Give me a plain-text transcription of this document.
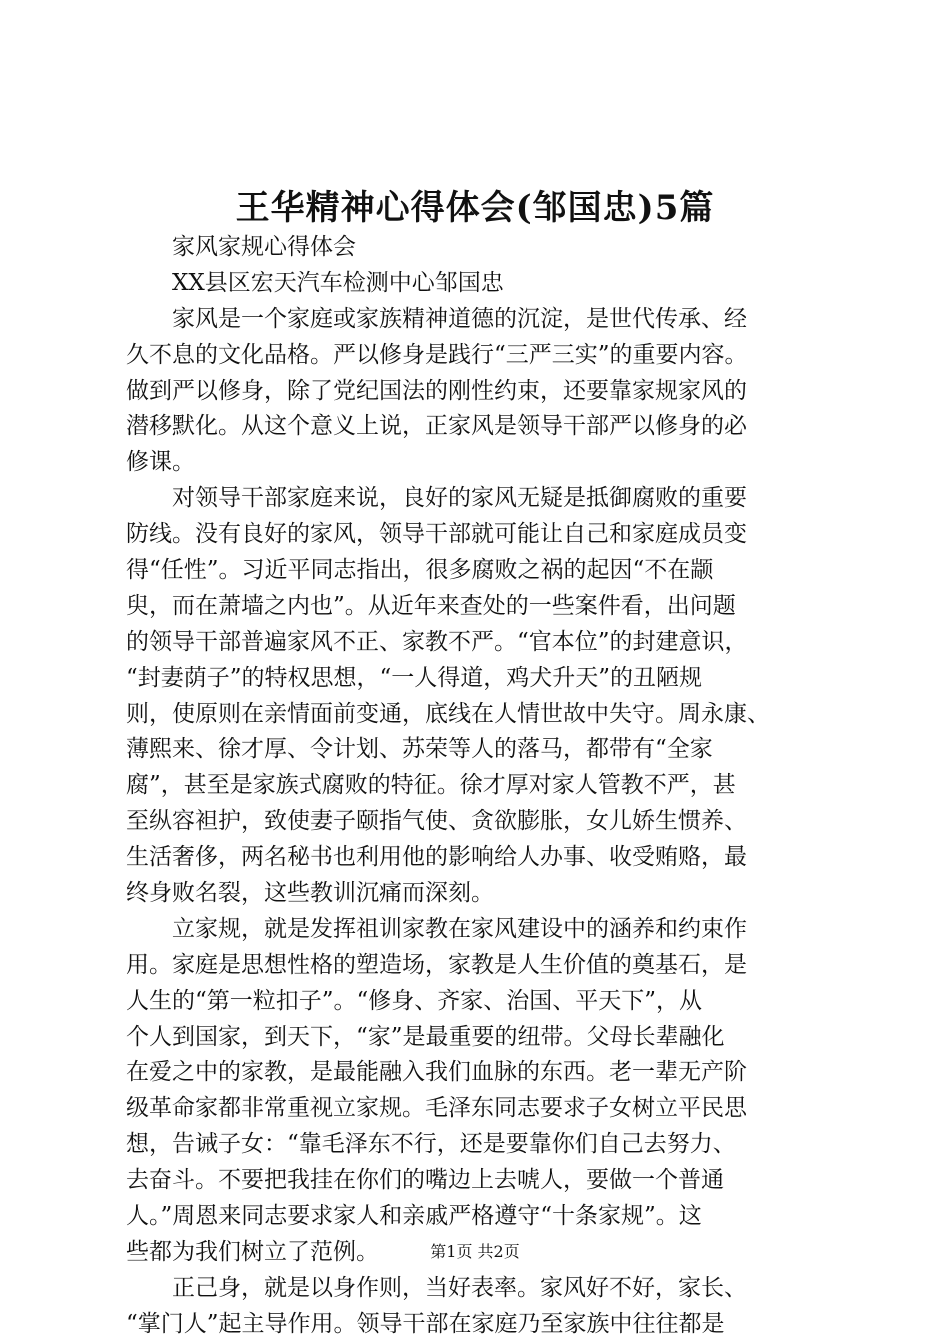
王华精神心得体会(邹国忠)5篇
　　家风家规心得体会
　　XX县区宏天汽车检测中心邹国忠
　　家风是一个家庭或家族精神道德的沉淀，是世代传承、经
久不息的文化品格。严以修身是践行“三严三实”的重要内容。
做到严以修身，除了党纪国法的刚性约束，还要靠家规家风的
潜移默化。从这个意义上说，正家风是领导干部严以修身的必
修课。
　　对领导干部家庭来说，良好的家风无疑是抵御腐败的重要
防线。没有良好的家风，领导干部就可能让自己和家庭成员变
得“任性”。习近平同志指出，很多腐败之祸的起因“不在颛
臾，而在萧墙之内也”。从近年来查处的一些案件看，出问题
的领导干部普遍家风不正、家教不严。“官本位”的封建意识，
“封妻荫子”的特权思想，“一人得道，鸡犬升天”的丑陋规
则，使原则在亲情面前变通，底线在人情世故中失守。周永康、
薄熙来、徐才厚、令计划、苏荣等人的落马，都带有“全家
腐”，甚至是家族式腐败的特征。徐才厚对家人管教不严，甚
至纵容袒护，致使妻子颐指气使、贪欲膨胀，女儿娇生惯养、
生活奢侈，两名秘书也利用他的影响给人办事、收受贿赂，最
终身败名裂，这些教训沉痛而深刻。
　　立家规，就是发挥祖训家教在家风建设中的涵养和约束作
用。家庭是思想性格的塑造场，家教是人生价值的奠基石，是
人生的“第一粒扣子”。“修身、齐家、治国、平天下”，从
个人到国家，到天下，“家”是最重要的纽带。父母长辈融化
在爱之中的家教，是最能融入我们血脉的东西。老一辈无产阶
级革命家都非常重视立家规。毛泽东同志要求子女树立平民思
想，告诫子女：“靠毛泽东不行，还是要靠你们自己去努力、
去奋斗。不要把我挂在你们的嘴边上去唬人，要做一个普通
人。”周恩来同志要求家人和亲戚严格遵守“十条家规”。这
些都为我们树立了范例。
　　正己身，就是以身作则，当好表率。家风好不好，家长、
“掌门人”起主导作用。领导干部在家庭乃至家族中往往都是
第1页 共2页
